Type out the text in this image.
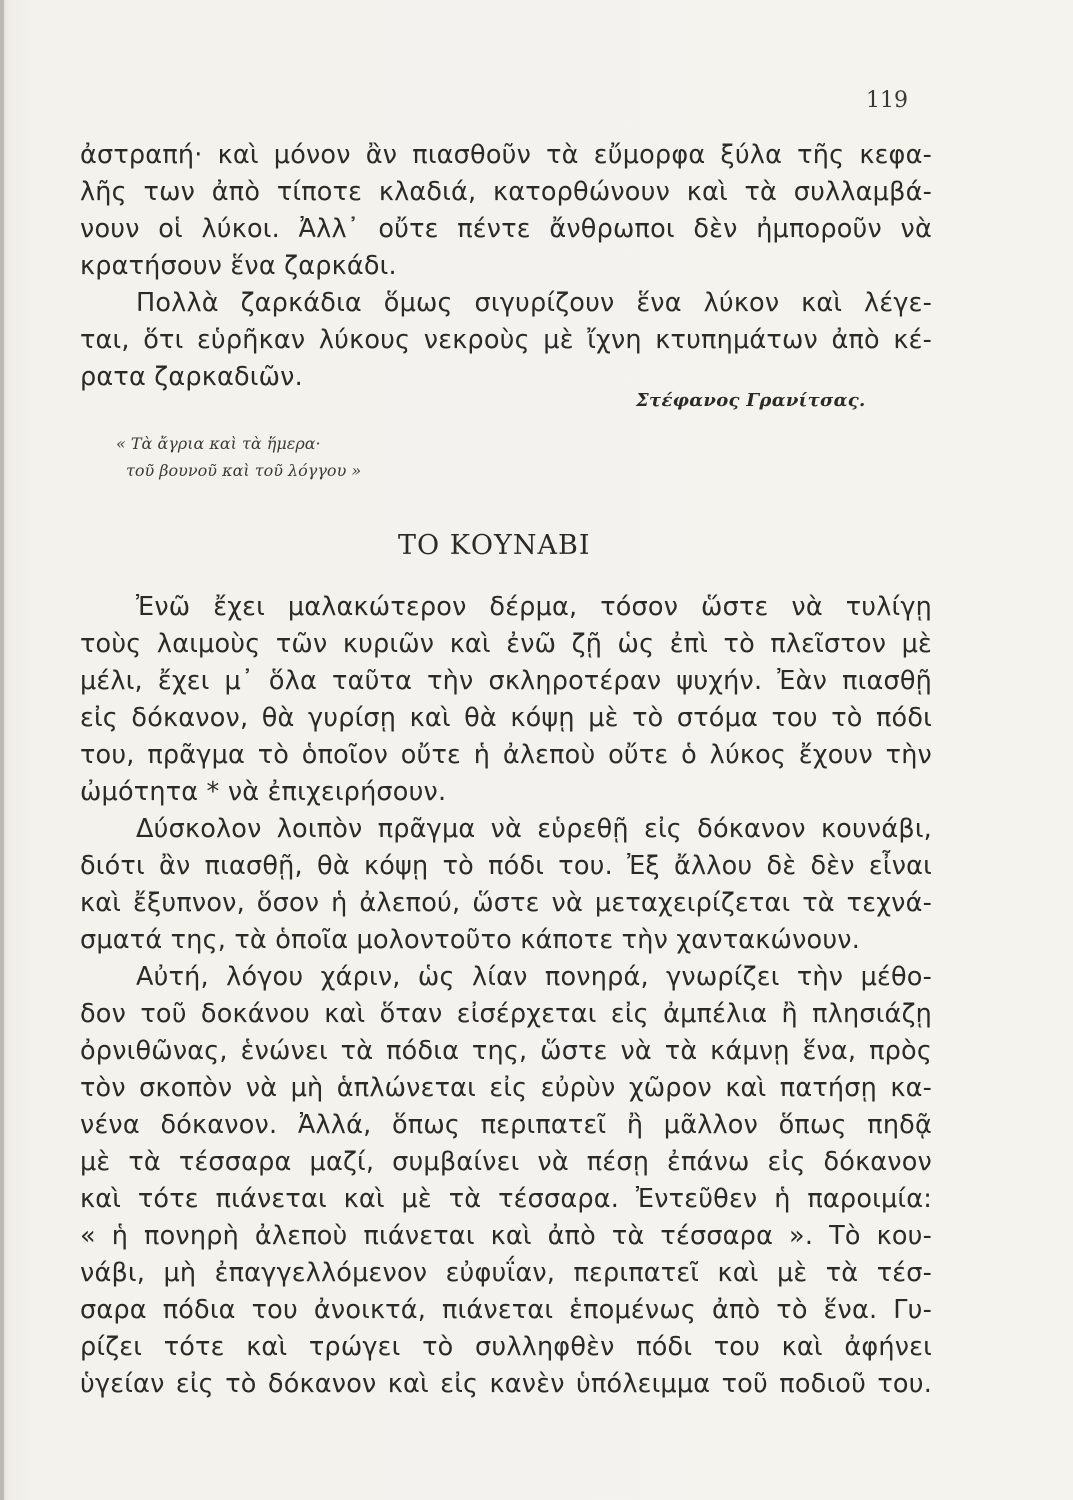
119
ἀστραπή· καὶ μόνον ἂν πιασθοῦν τὰ εὔμορφα ξύλα τῆς κεφα-
λῆς των ἀπὸ τίποτε κλαδιά, κατορθώνουν καὶ τὰ συλλαμβά-
νουν οἱ λύκοι. Ἀλλ᾿ οὔτε πέντε ἄνθρωποι δὲν ἠμποροῦν νὰ
κρατήσουν ἕνα ζαρκάδι.
Πολλὰ ζαρκάδια ὅμως σιγυρίζουν ἕνα λύκον καὶ λέγε-
ται, ὅτι εὑρῆκαν λύκους νεκροὺς μὲ ἴχνη κτυπημάτων ἀπὸ κέ-
ρατα ζαρκαδιῶν.
Στέφανος Γρανίτσας.
« Τὰ ἄγρια καὶ τὰ ἥμερα·
τοῦ βουνοῦ καὶ τοῦ λόγγου »
ΤΟ ΚΟΥΝΑΒΙ
Ἐνῶ ἔχει μαλακώτερον δέρμα, τόσον ὥστε νὰ τυλίγῃ
τοὺς λαιμοὺς τῶν κυριῶν καὶ ἐνῶ ζῇ ὡς ἐπὶ τὸ πλεῖστον μὲ
μέλι, ἔχει μ᾿ ὅλα ταῦτα τὴν σκληροτέραν ψυχήν. Ἐὰν πιασθῇ
εἰς δόκανον, θὰ γυρίσῃ καὶ θὰ κόψῃ μὲ τὸ στόμα του τὸ πόδι
του, πρᾶγμα τὸ ὁποῖον οὔτε ἡ ἀλεποὺ οὔτε ὁ λύκος ἔχουν τὴν
ὠμότητα * νὰ ἐπιχειρήσουν.
Δύσκολον λοιπὸν πρᾶγμα νὰ εὑρεθῇ εἰς δόκανον κουνάβι,
διότι ἂν πιασθῇ, θὰ κόψῃ τὸ πόδι του. Ἐξ ἄλλου δὲ δὲν εἶναι
καὶ ἔξυπνον, ὅσον ἡ ἀλεπού, ὥστε νὰ μεταχειρίζεται τὰ τεχνά-
σματά της, τὰ ὁποῖα μολοντοῦτο κάποτε τὴν χαντακώνουν.
Αὐτή, λόγου χάριν, ὡς λίαν πονηρά, γνωρίζει τὴν μέθο-
δον τοῦ δοκάνου καὶ ὅταν εἰσέρχεται εἰς ἀμπέλια ἢ πλησιάζῃ
ὀρνιθῶνας, ἑνώνει τὰ πόδια της, ὥστε νὰ τὰ κάμνῃ ἕνα, πρὸς
τὸν σκοπὸν νὰ μὴ ἁπλώνεται εἰς εὐρὺν χῶρον καὶ πατήσῃ κα-
νένα δόκανον. Ἀλλά, ὅπως περιπατεῖ ἢ μᾶλλον ὅπως πηδᾷ
μὲ τὰ τέσσαρα μαζί, συμβαίνει νὰ πέσῃ ἐπάνω εἰς δόκανον
καὶ τότε πιάνεται καὶ μὲ τὰ τέσσαρα. Ἐντεῦθεν ἡ παροιμία:
« ἡ πονηρὴ ἀλεποὺ πιάνεται καὶ ἀπὸ τὰ τέσσαρα ». Τὸ κου-
νάβι, μὴ ἐπαγγελλόμενον εὐφυΐαν, περιπατεῖ καὶ μὲ τὰ τέσ-
σαρα πόδια του ἀνοικτά, πιάνεται ἑπομένως ἀπὸ τὸ ἕνα. Γυ-
ρίζει τότε καὶ τρώγει τὸ συλληφθὲν πόδι του καὶ ἀφήνει
ὑγείαν εἰς τὸ δόκανον καὶ εἰς κανὲν ὑπόλειμμα τοῦ ποδιοῦ του.
